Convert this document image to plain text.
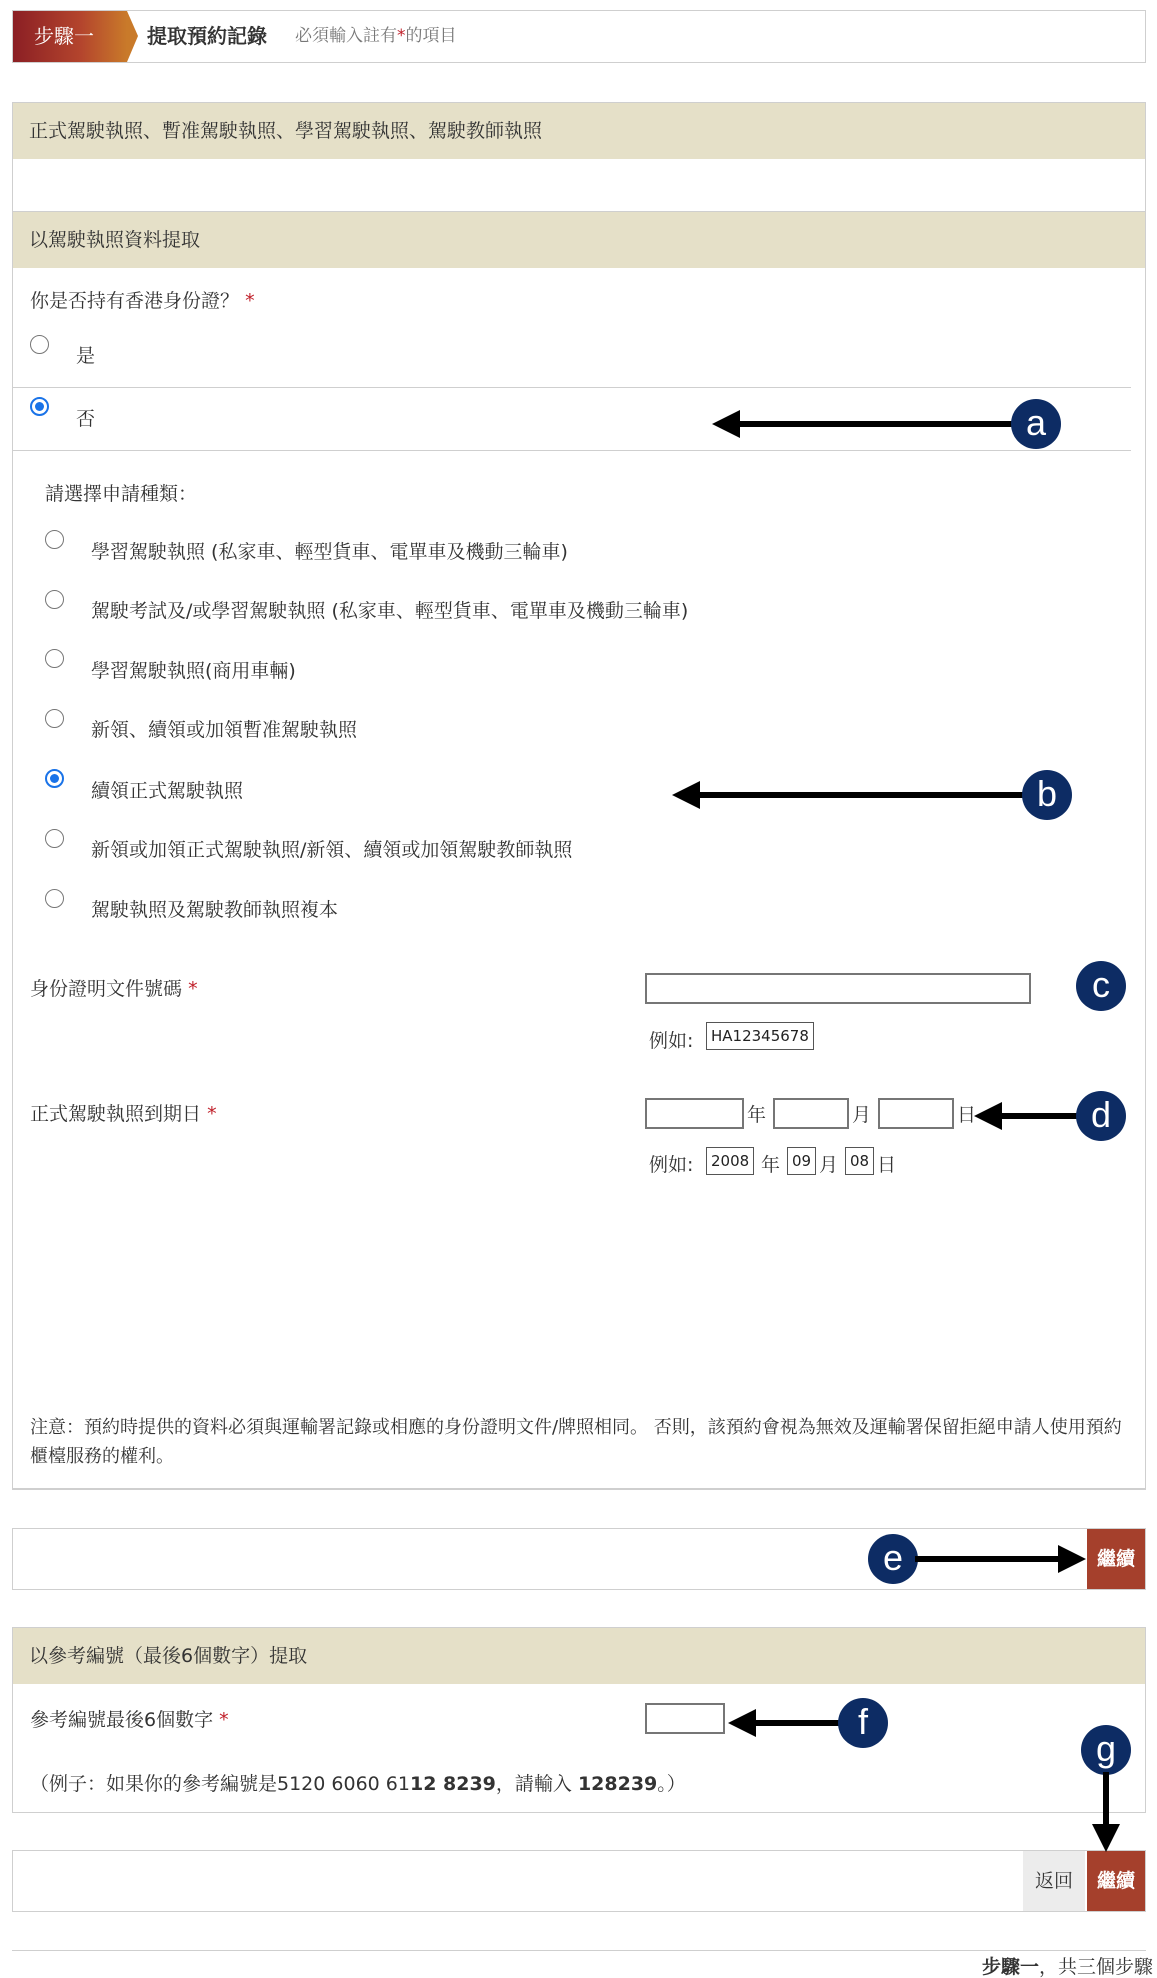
步驟一	提取預約記錄 必須輸入註有*的項目
正式駕駛執照、暫准駕駛執照、學習駕駛執照、駕駛教師執照
以駕駛執照資料提取
你是否持有香港身份證？ *
是
否
請選擇申請種類：
學習駕駛執照 (私家車、輕型貨車、電單車及機動三輪車)
駕駛考試及/或學習駕駛執照 (私家車、輕型貨車、電單車及機動三輪車)
學習駕駛執照(商用車輛)
新領、續領或加領暫准駕駛執照
續領正式駕駛執照
新領或加領正式駕駛執照/新領、續領或加領駕駛教師執照
駕駛執照及駕駛教師執照複本
身份證明文件號碼 *
例如:	HA12345678
正式駕駛執照到期日 *	年	月	日
例如:	2008 年 09 月 08 日
注意：預約時提供的資料必須與運輸署記錄或相應的身份證明文件/牌照相同。 否則，該預約會視為無效及運輸署保留拒絕申請人使用預約櫃檯服務的權利。
繼續
以參考編號（最後6個數字）提取
參考編號最後6個數字 *
（例子：如果你的參考編號是5120 6060 6112 8239，請輸入 128239。）
返回	繼續
步驟一，共三個步驟
a
b
c
d
e
f
g
